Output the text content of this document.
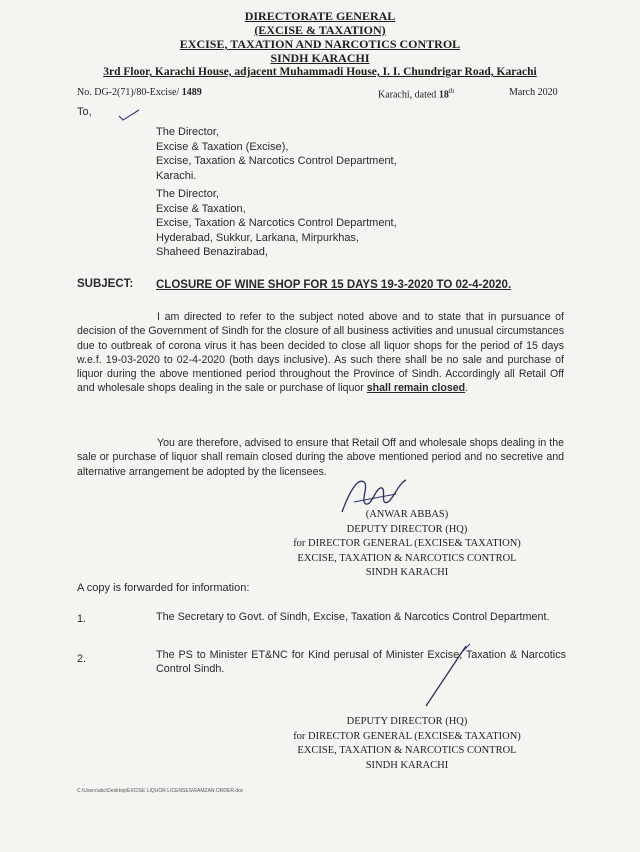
DIRECTORATE GENERAL
(EXCISE & TAXATION)
EXCISE, TAXATION AND NARCOTICS CONTROL
SINDH KARACHI
3rd Floor, Karachi House, adjacent Muhammadi House, I. I. Chundrigar Road, Karachi
No. DG-2(71)/80-Excise/ 1489	Karachi, dated 18th	March 2020
To,
The Director,
Excise & Taxation (Excise),
Excise, Taxation & Narcotics Control Department,
Karachi.
The Director,
Excise & Taxation,
Excise, Taxation & Narcotics Control Department,
Hyderabad, Sukkur, Larkana, Mirpurkhas,
Shaheed Benazirabad,
SUBJECT: CLOSURE OF WINE SHOP FOR 15 DAYS 19-3-2020 TO 02-4-2020.
I am directed to refer to the subject noted above and to state that in pursuance of decision of the Government of Sindh for the closure of all business activities and unusual circumstances due to outbreak of corona virus it has been decided to close all liquor shops for the period of 15 days w.e.f. 19-03-2020 to 02-4-2020 (both days inclusive). As such there shall be no sale and purchase of liquor during the above mentioned period throughout the Province of Sindh. Accordingly all Retail Off and wholesale shops dealing in the sale or purchase of liquor shall remain closed.
You are therefore, advised to ensure that Retail Off and wholesale shops dealing in the sale or purchase of liquor shall remain closed during the above mentioned period and no secretive and alternative arrangement be adopted by the licensees.
(ANWAR ABBAS)
DEPUTY DIRECTOR (HQ)
for DIRECTOR GENERAL (EXCISE& TAXATION)
EXCISE, TAXATION & NARCOTICS CONTROL
SINDH KARACHI
A copy is forwarded for information:
1.	The Secretary to Govt. of Sindh, Excise, Taxation & Narcotics Control Department.
2.	The PS to Minister ET&NC for Kind perusal of Minister Excise, Taxation & Narcotics Control Sindh.
DEPUTY DIRECTOR (HQ)
for DIRECTOR GENERAL (EXCISE& TAXATION)
EXCISE, TAXATION & NARCOTICS CONTROL
SINDH KARACHI
C:\Users\abc\Desktop\EXCISE LIQUOR LICENSES\RAMZAN ORDER.doc
